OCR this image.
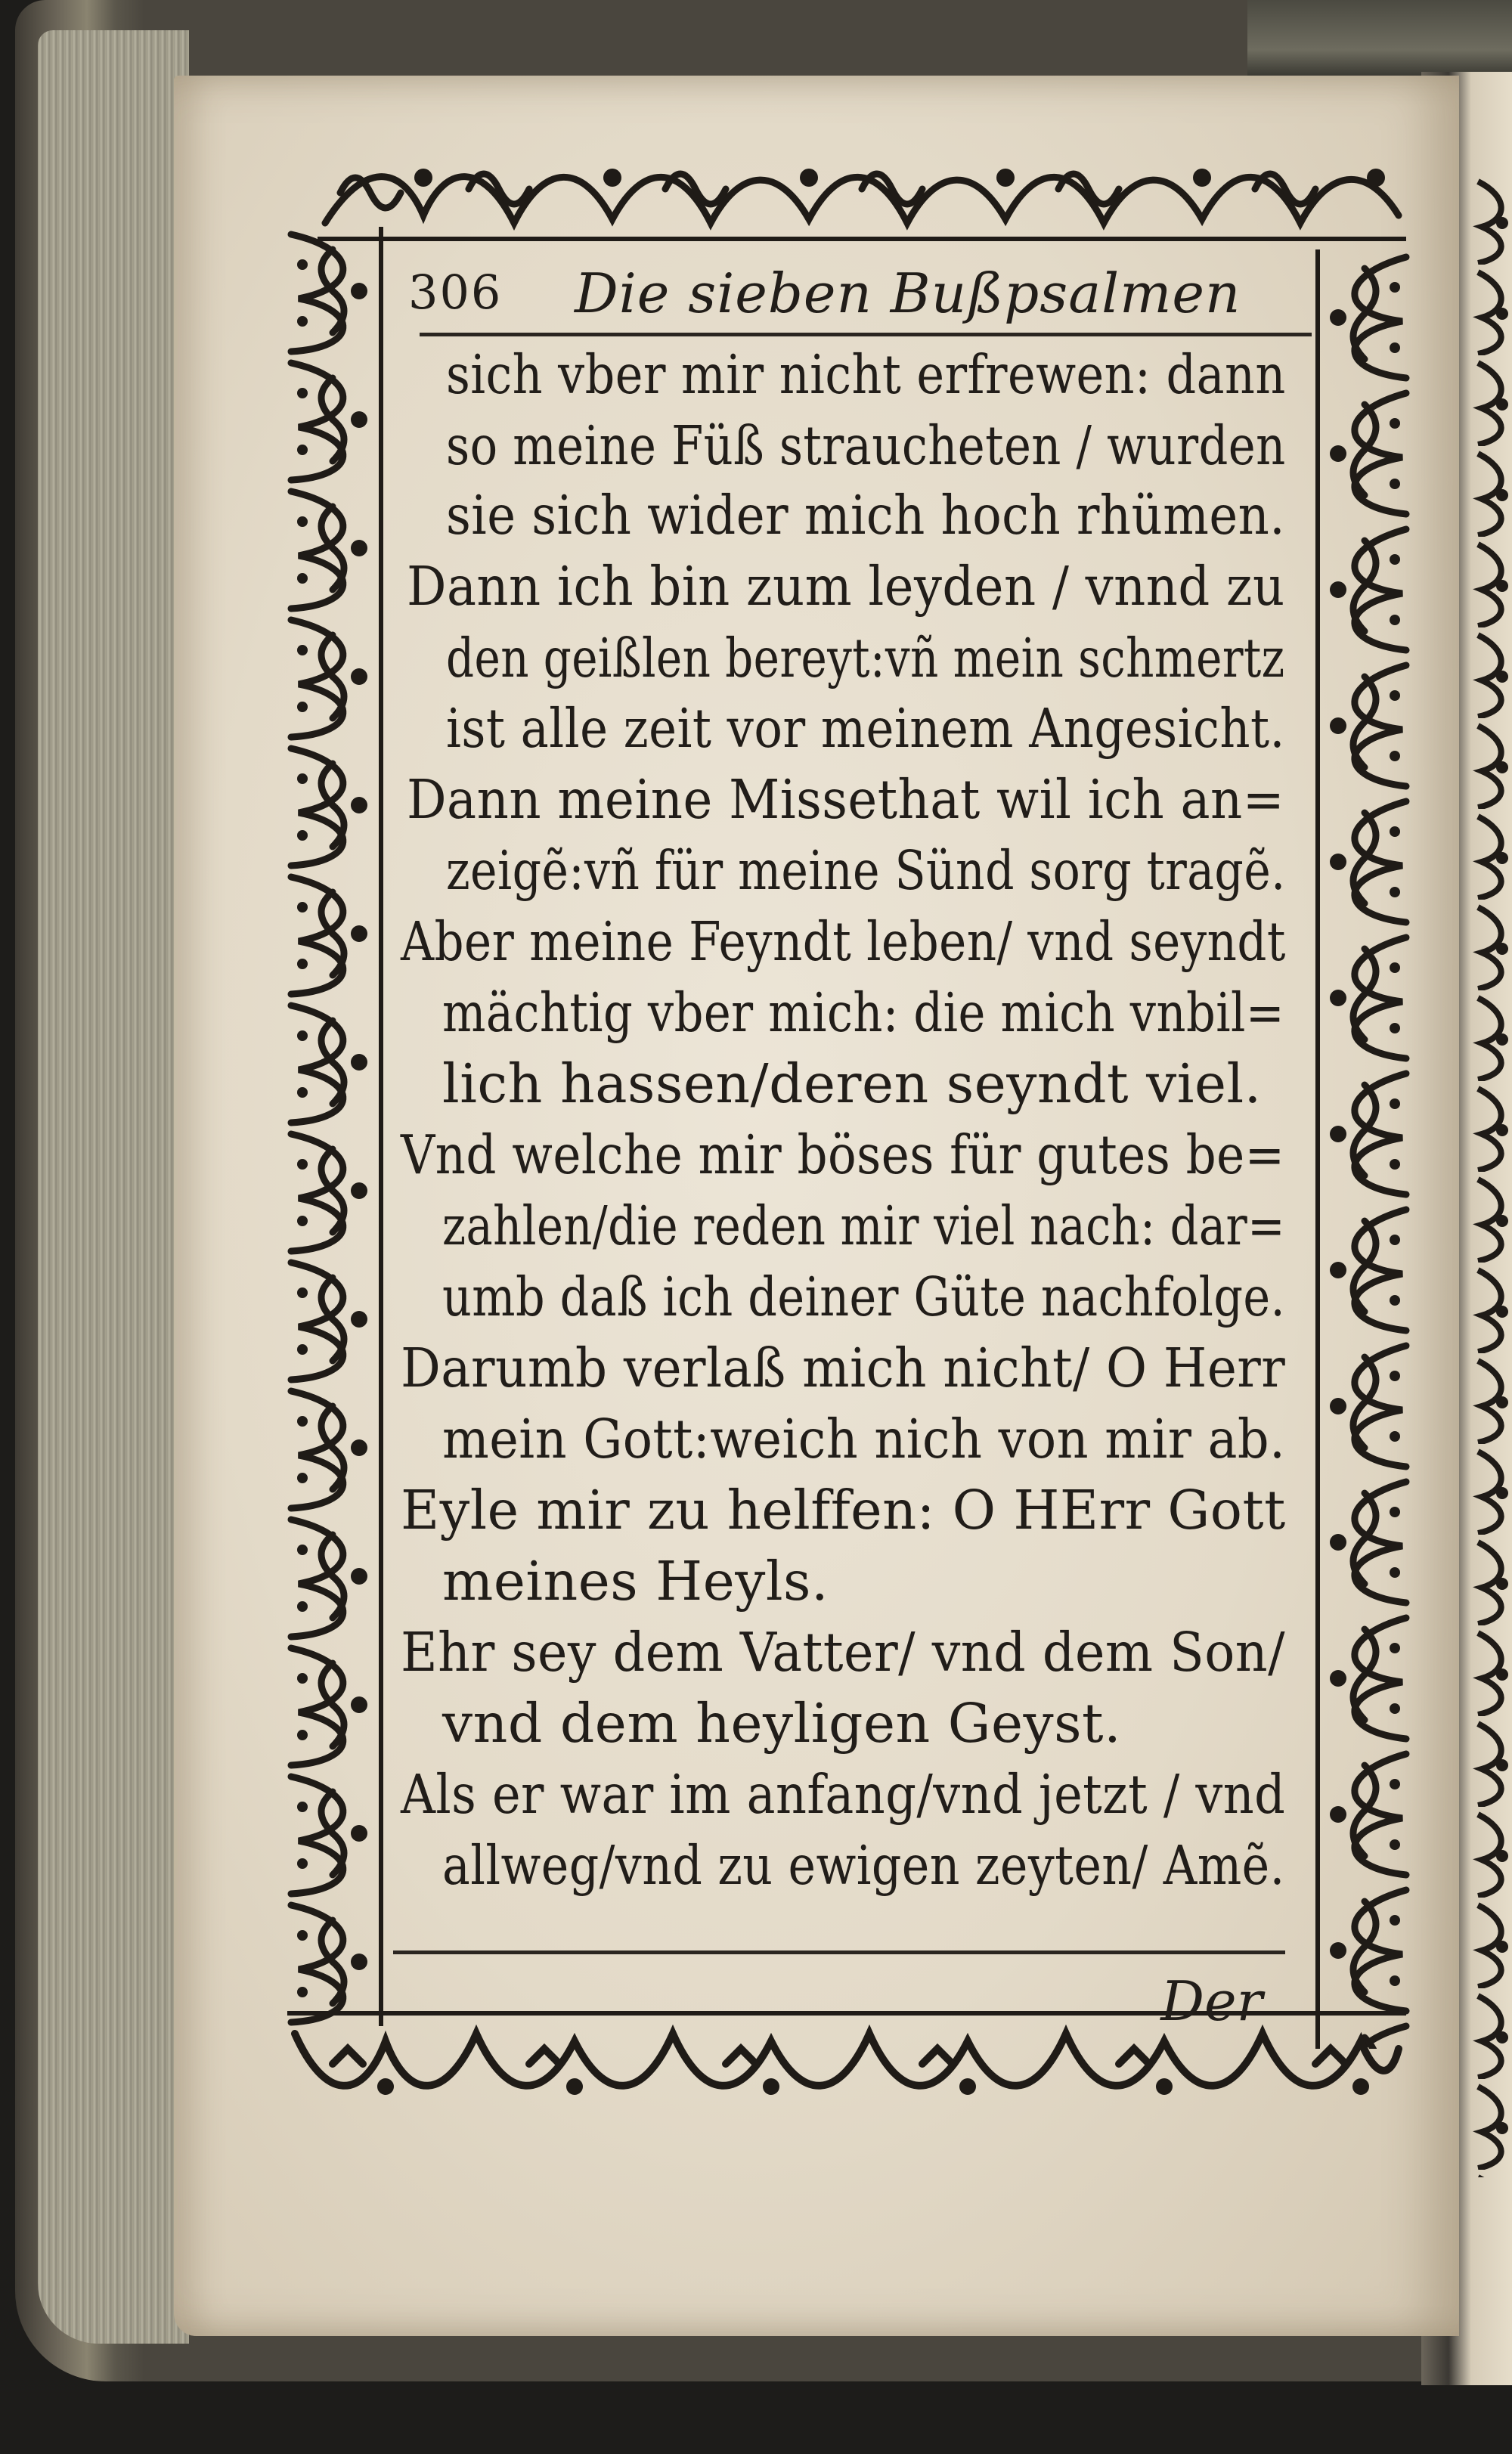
306 Die sieben Bußpsalmen
sich vber mir nicht erfrewen: dann
so meine Füß straucheten / wurden
sie sich wider mich hoch rhümen.
Dann ich bin zum leyden / vnnd zu
den geißlen bereyt:vñ mein schmertz
ist alle zeit vor meinem Angesicht.
Dann meine Missethat wil ich an=
zeigẽ:vñ für meine Sünd sorg tragẽ.
Aber meine Feyndt leben/ vnd seyndt
mächtig vber mich: die mich vnbil=
lich hassen/deren seyndt viel.
Vnd welche mir böses für gutes be=
zahlen/die reden mir viel nach: dar=
umb daß ich deiner Güte nachfolge.
Darumb verlaß mich nicht/ O Herr
mein Gott:weich nich von mir ab.
Eyle mir zu helffen: O HErr Gott
meines Heyls.
Ehr sey dem Vatter/ vnd dem Son/
vnd dem heyligen Geyst.
Als er war im anfang/vnd jetzt / vnd
allweg/vnd zu ewigen zeyten/ Amẽ.
Der
